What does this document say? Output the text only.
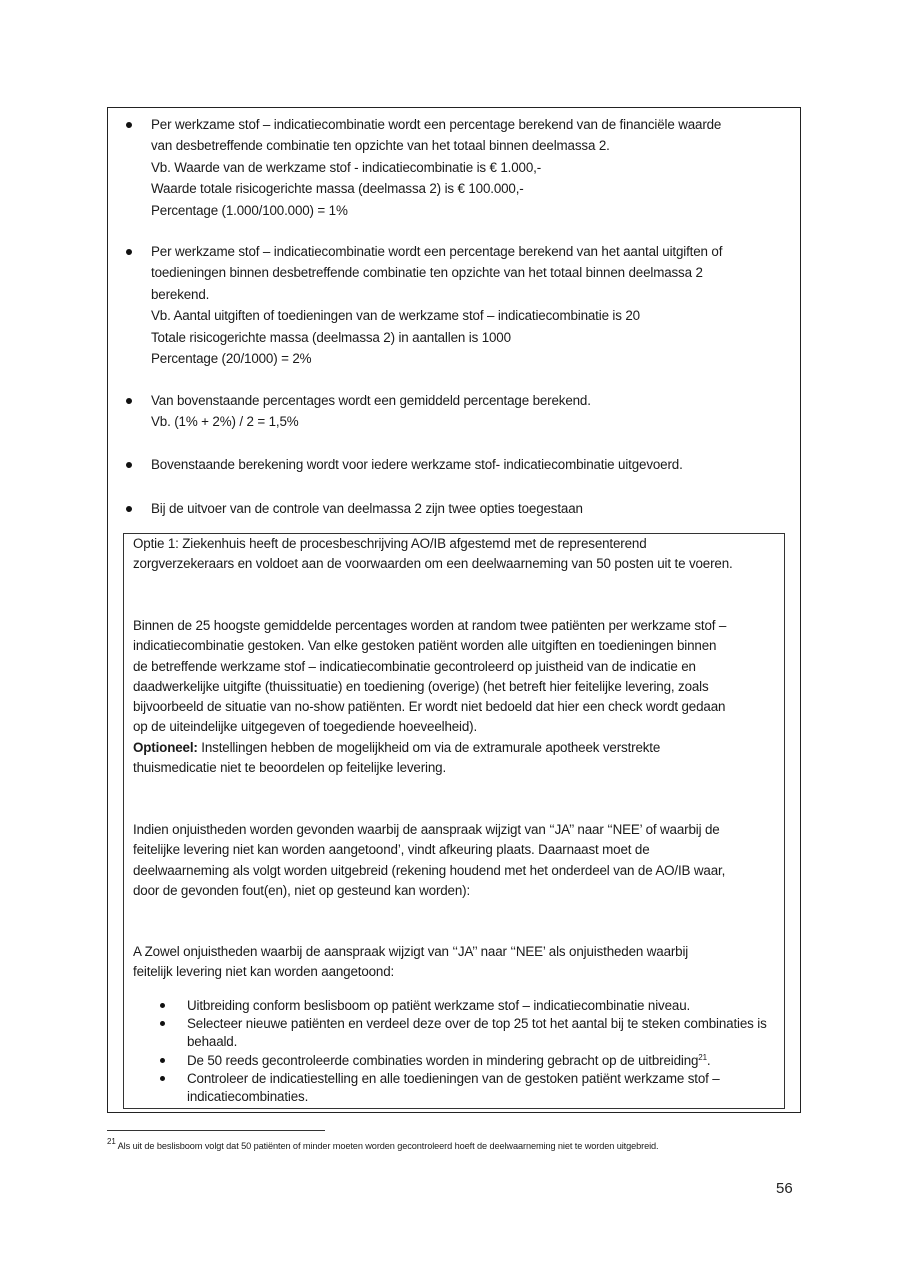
Per werkzame stof – indicatiecombinatie wordt een percentage berekend van de financiële waarde
van desbetreffende combinatie ten opzichte van het totaal binnen deelmassa 2.
Vb. Waarde van de werkzame stof - indicatiecombinatie is € 1.000,-
Waarde totale risicogerichte massa (deelmassa 2) is € 100.000,-
Percentage (1.000/100.000) = 1%
Per werkzame stof – indicatiecombinatie wordt een percentage berekend van het aantal uitgiften of
toedieningen binnen desbetreffende combinatie ten opzichte van het totaal binnen deelmassa 2
berekend.
Vb. Aantal uitgiften of toedieningen van de werkzame stof – indicatiecombinatie is 20
Totale risicogerichte massa (deelmassa 2) in aantallen is 1000
Percentage (20/1000) = 2%
Van bovenstaande percentages wordt een gemiddeld percentage berekend.
Vb. (1% + 2%) / 2 = 1,5%
Bovenstaande berekening wordt voor iedere werkzame stof- indicatiecombinatie uitgevoerd.
Bij de uitvoer van de controle van deelmassa 2 zijn twee opties toegestaan
Optie 1: Ziekenhuis heeft de procesbeschrijving AO/IB afgestemd met de representerend
zorgverzekeraars en voldoet aan de voorwaarden om een deelwaarneming van 50 posten uit te voeren.
Binnen de 25 hoogste gemiddelde percentages worden at random twee patiënten per werkzame stof –
indicatiecombinatie gestoken. Van elke gestoken patiënt worden alle uitgiften en toedieningen binnen
de betreffende werkzame stof – indicatiecombinatie gecontroleerd op juistheid van de indicatie en
daadwerkelijke uitgifte (thuissituatie) en toediening (overige) (het betreft hier feitelijke levering, zoals
bijvoorbeeld de situatie van no-show patiënten. Er wordt niet bedoeld dat hier een check wordt gedaan
op de uiteindelijke uitgegeven of toegediende hoeveelheid).
Optioneel: Instellingen hebben de mogelijkheid om via de extramurale apotheek verstrekte
thuismedicatie niet te beoordelen op feitelijke levering.
Indien onjuistheden worden gevonden waarbij de aanspraak wijzigt van ‘‘JA’’ naar ‘‘NEE’ of waarbij de
feitelijke levering niet kan worden aangetoond’, vindt afkeuring plaats. Daarnaast moet de
deelwaarneming als volgt worden uitgebreid (rekening houdend met het onderdeel van de AO/IB waar,
door de gevonden fout(en), niet op gesteund kan worden):
A Zowel onjuistheden waarbij de aanspraak wijzigt van ‘‘JA’’ naar ‘‘NEE’ als onjuistheden waarbij
feitelijk levering niet kan worden aangetoond:
Uitbreiding conform beslisboom op patiënt werkzame stof – indicatiecombinatie niveau.
Selecteer nieuwe patiënten en verdeel deze over de top 25 tot het aantal bij te steken combinaties is behaald.
De 50 reeds gecontroleerde combinaties worden in mindering gebracht op de uitbreiding$^{21}$.
Controleer de indicatiestelling en alle toedieningen van de gestoken patiënt werkzame stof – indicatiecombinaties.
$^{21}$ Als uit de beslisboom volgt dat 50 patiënten of minder moeten worden gecontroleerd hoeft de deelwaarneming niet te worden uitgebreid.
56
